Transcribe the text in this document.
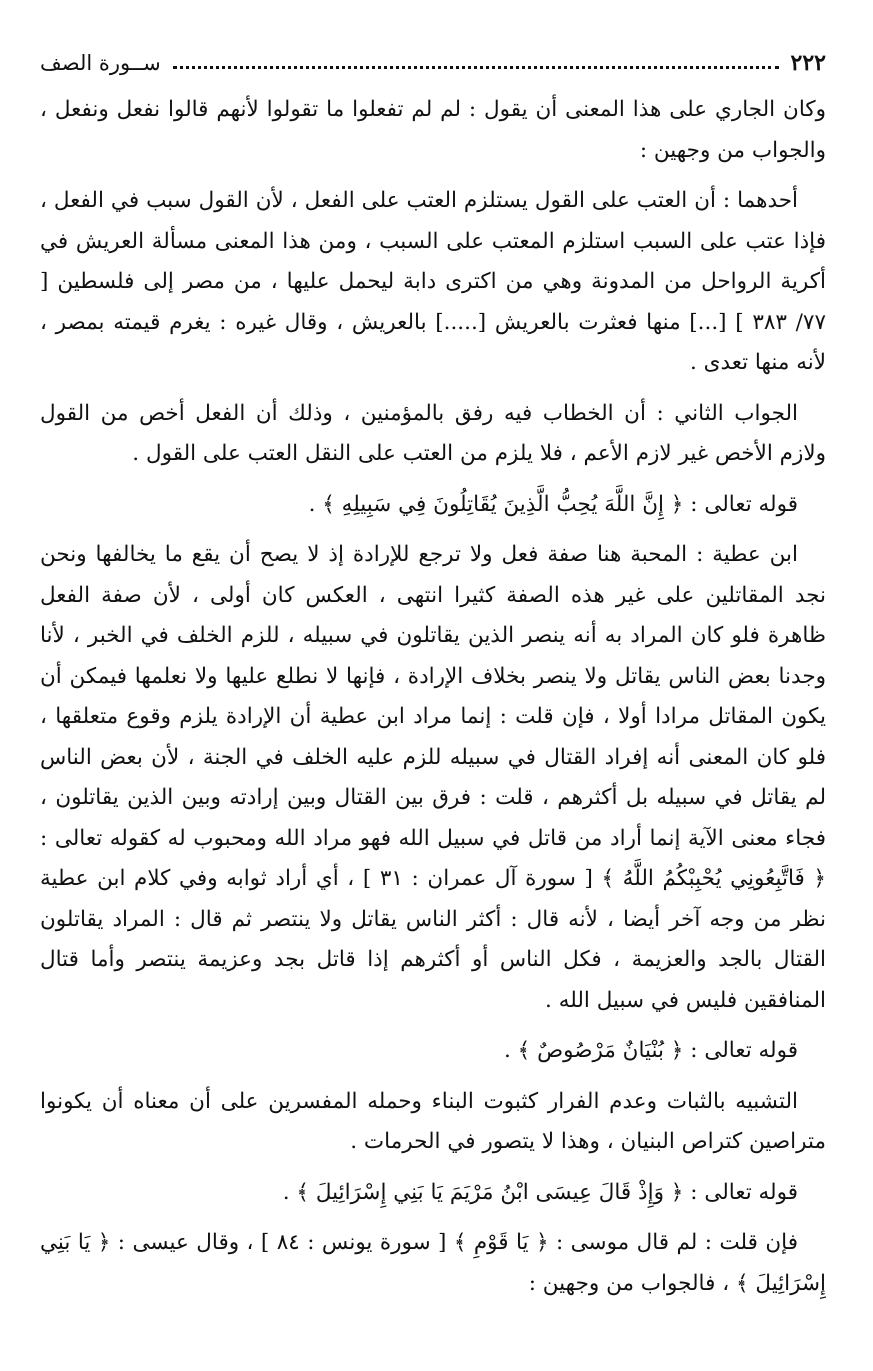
٢٢٢
ســورة الصف

وكان الجاري على هذا المعنى أن يقول : لم لم تفعلوا ما تقولوا لأنهم قالوا نفعل ونفعل ، والجواب من وجهين :

أحدهما : أن العتب على القول يستلزم العتب على الفعل ، لأن القول سبب في الفعل ، فإذا عتب على السبب استلزم المعتب على السبب ، ومن هذا المعنى مسألة العريش في أكرية الرواحل من المدونة وهي من اكترى دابة ليحمل عليها ، من مصر إلى فلسطين [ ٧٧/ ٣٨٣ ] [...] منها فعثرت بالعريش [.....] بالعريش ، وقال غيره : يغرم قيمته بمصر ، لأنه منها تعدى .

الجواب الثاني : أن الخطاب فيه رفق بالمؤمنين ، وذلك أن الفعل أخص من القول ولازم الأخص غير لازم الأعم ، فلا يلزم من العتب على النقل العتب على القول .

قوله تعالى : ﴿ إِنَّ اللَّهَ يُحِبُّ الَّذِينَ يُقَاتِلُونَ فِي سَبِيلِهِ ﴾ .

ابن عطية : المحبة هنا صفة فعل ولا ترجع للإرادة إذ لا يصح أن يقع ما يخالفها ونحن نجد المقاتلين على غير هذه الصفة كثيرا انتهى ، العكس كان أولى ، لأن صفة الفعل ظاهرة فلو كان المراد به أنه ينصر الذين يقاتلون في سبيله ، للزم الخلف في الخبر ، لأنا وجدنا بعض الناس يقاتل ولا ينصر بخلاف الإرادة ، فإنها لا نطلع عليها ولا نعلمها فيمكن أن يكون المقاتل مرادا أولا ، فإن قلت : إنما مراد ابن عطية أن الإرادة يلزم وقوع متعلقها ، فلو كان المعنى أنه إفراد القتال في سبيله للزم عليه الخلف في الجنة ، لأن بعض الناس لم يقاتل في سبيله بل أكثرهم ، قلت : فرق بين القتال وبين إرادته وبين الذين يقاتلون ، فجاء معنى الآية إنما أراد من قاتل في سبيل الله فهو مراد الله ومحبوب له كقوله تعالى : ﴿ فَاتَّبِعُونِي يُحْبِبْكُمُ اللَّهُ ﴾ [ سورة آل عمران : ٣١ ] ، أي أراد ثوابه وفي كلام ابن عطية نظر من وجه آخر أيضا ، لأنه قال : أكثر الناس يقاتل ولا ينتصر ثم قال : المراد يقاتلون القتال بالجد والعزيمة ، فكل الناس أو أكثرهم إذا قاتل بجد وعزيمة ينتصر وأما قتال المنافقين فليس في سبيل الله .

قوله تعالى : ﴿ بُنْيَانٌ مَرْصُوصٌ ﴾ .

التشبيه بالثبات وعدم الفرار كثبوت البناء وحمله المفسرين على أن معناه أن يكونوا متراصين كتراص البنيان ، وهذا لا يتصور في الحرمات .

قوله تعالى : ﴿ وَإِذْ قَالَ عِيسَى ابْنُ مَرْيَمَ يَا بَنِي إِسْرَائِيلَ ﴾ .

فإن قلت : لم قال موسى : ﴿ يَا قَوْمِ ﴾ [ سورة يونس : ٨٤ ] ، وقال عيسى : ﴿ يَا بَنِي إِسْرَائِيلَ ﴾ ، فالجواب من وجهين :
